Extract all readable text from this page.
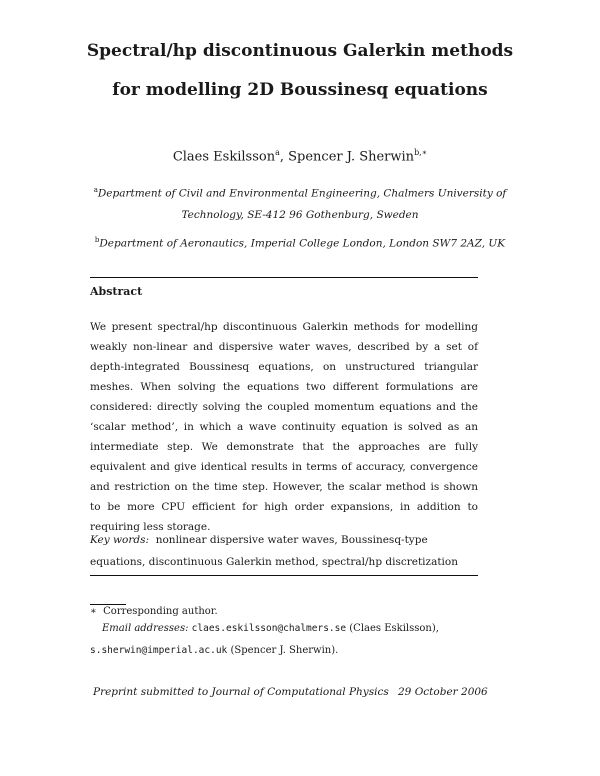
Spectral/hp discontinuous Galerkin methods
for modelling 2D Boussinesq equations
Claes Eskilsson$^a$, Spencer J. Sherwin$^{b,∗}$
$^a$Department of Civil and Environmental Engineering, Chalmers University of
Technology, SE-412 96 Gothenburg, Sweden
$^b$Department of Aeronautics, Imperial College London, London SW7 2AZ, UK
Abstract

We present spectral/hp discontinuous Galerkin methods for modelling weakly non-linear and dispersive water waves, described by a set of depth-integrated Boussinesq equations, on unstructured triangular meshes. When solving the equations two different formulations are considered: directly solving the coupled momentum equations and the ‘scalar method’, in which a wave continuity equation is solved as an intermediate step. We demonstrate that the approaches are fully equivalent and give identical results in terms of accuracy, convergence and restriction on the time step. However, the scalar method is shown to be more CPU efficient for high order expansions, in addition to requiring less storage.

Key words: nonlinear dispersive water waves, Boussinesq-type equations, discontinuous Galerkin method, spectral/hp discretization

∗ Corresponding author.
Email addresses: claes.eskilsson@chalmers.se (Claes Eskilsson),
s.sherwin@imperial.ac.uk (Spencer J. Sherwin).
Preprint submitted to Journal of Computational Physics 29 October 2006
